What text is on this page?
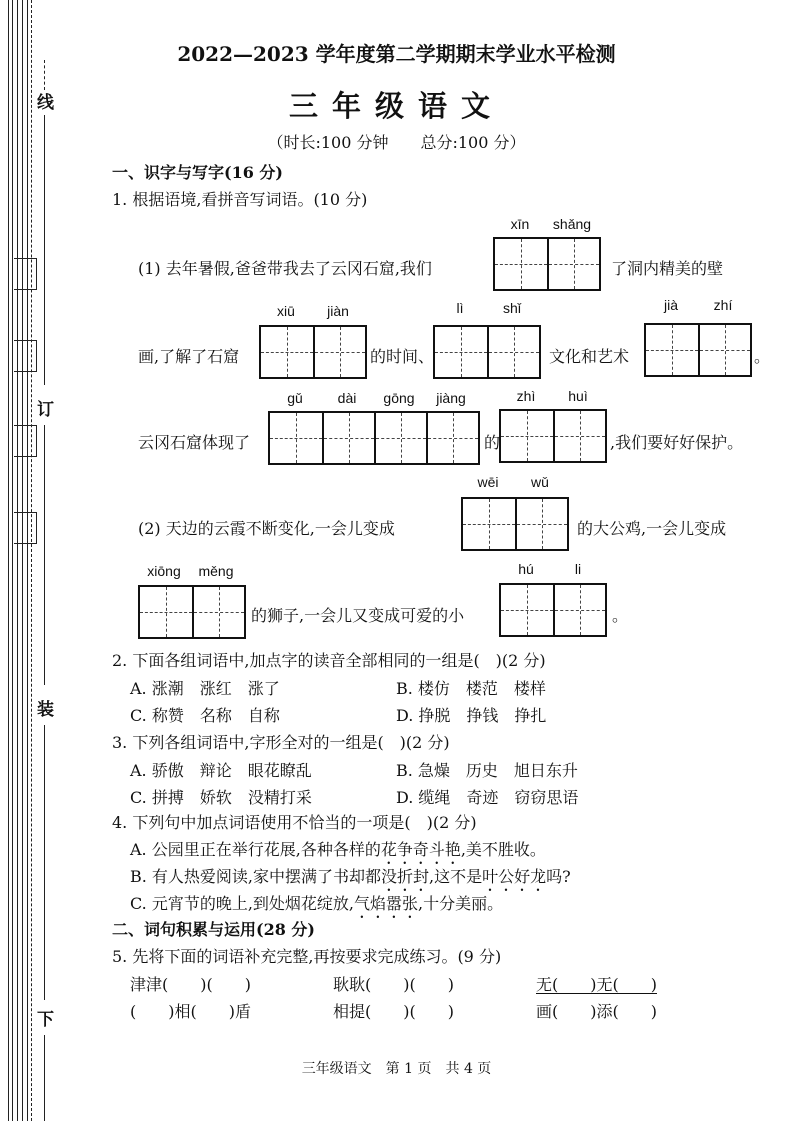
线
订
装
下
2022—2023 学年度第二学期期末学业水平检测
三年级语文
（时长:100 分钟　　总分:100 分）
一、识字与写字(16 分)
1. 根据语境,看拼音写词语。(10 分)
xīn	shǎng
(1) 去年暑假,爸爸带我去了云冈石窟,我们	了洞内精美的壁
xiū	jiàn	lì	shǐ	jià	zhí
画,了解了石窟	的时间、	文化和艺术	。
gǔ	dài	gōng	jiàng	zhì	huì
云冈石窟体现了	的	,我们要好好保护。
wēi	wǔ
(2) 天边的云霞不断变化,一会儿变成	的大公鸡,一会儿变成
xiōng	měng	hú	li
的狮子,一会儿又变成可爱的小	。
2. 下面各组词语中,加点字的读音全部相同的一组是(　)(2 分)
A. 涨潮　涨红　涨了	B. 楼仿　楼范　楼样
C. 称赞　名称　自称	D. 挣脱　挣钱　挣扎
3. 下列各组词语中,字形全对的一组是(　)(2 分)
A. 骄傲　辩论　眼花瞭乱	B. 急燥　历史　旭日东升
C. 拼搏　娇软　没精打采	D. 缆绳　奇迹　窃窃思语
4. 下列句中加点词语使用不恰当的一项是(　)(2 分)
A. 公园里正在举行花展,各种各样的花争奇斗艳,美不胜收。
B. 有人热爱阅读,家中摆满了书却都没折封,这不是叶公好龙吗?
C. 元宵节的晚上,到处烟花绽放,气焰嚣张,十分美丽。
二、词句积累与运用(28 分)
5. 先将下面的词语补充完整,再按要求完成练习。(9 分)
津津(　　)(　　)	耿耿(　　)(　　)	无(　　)无(　　)
(　　)相(　　)盾	相提(　　)(　　)	画(　　)添(　　)
三年级语文　第 1 页　共 4 页
